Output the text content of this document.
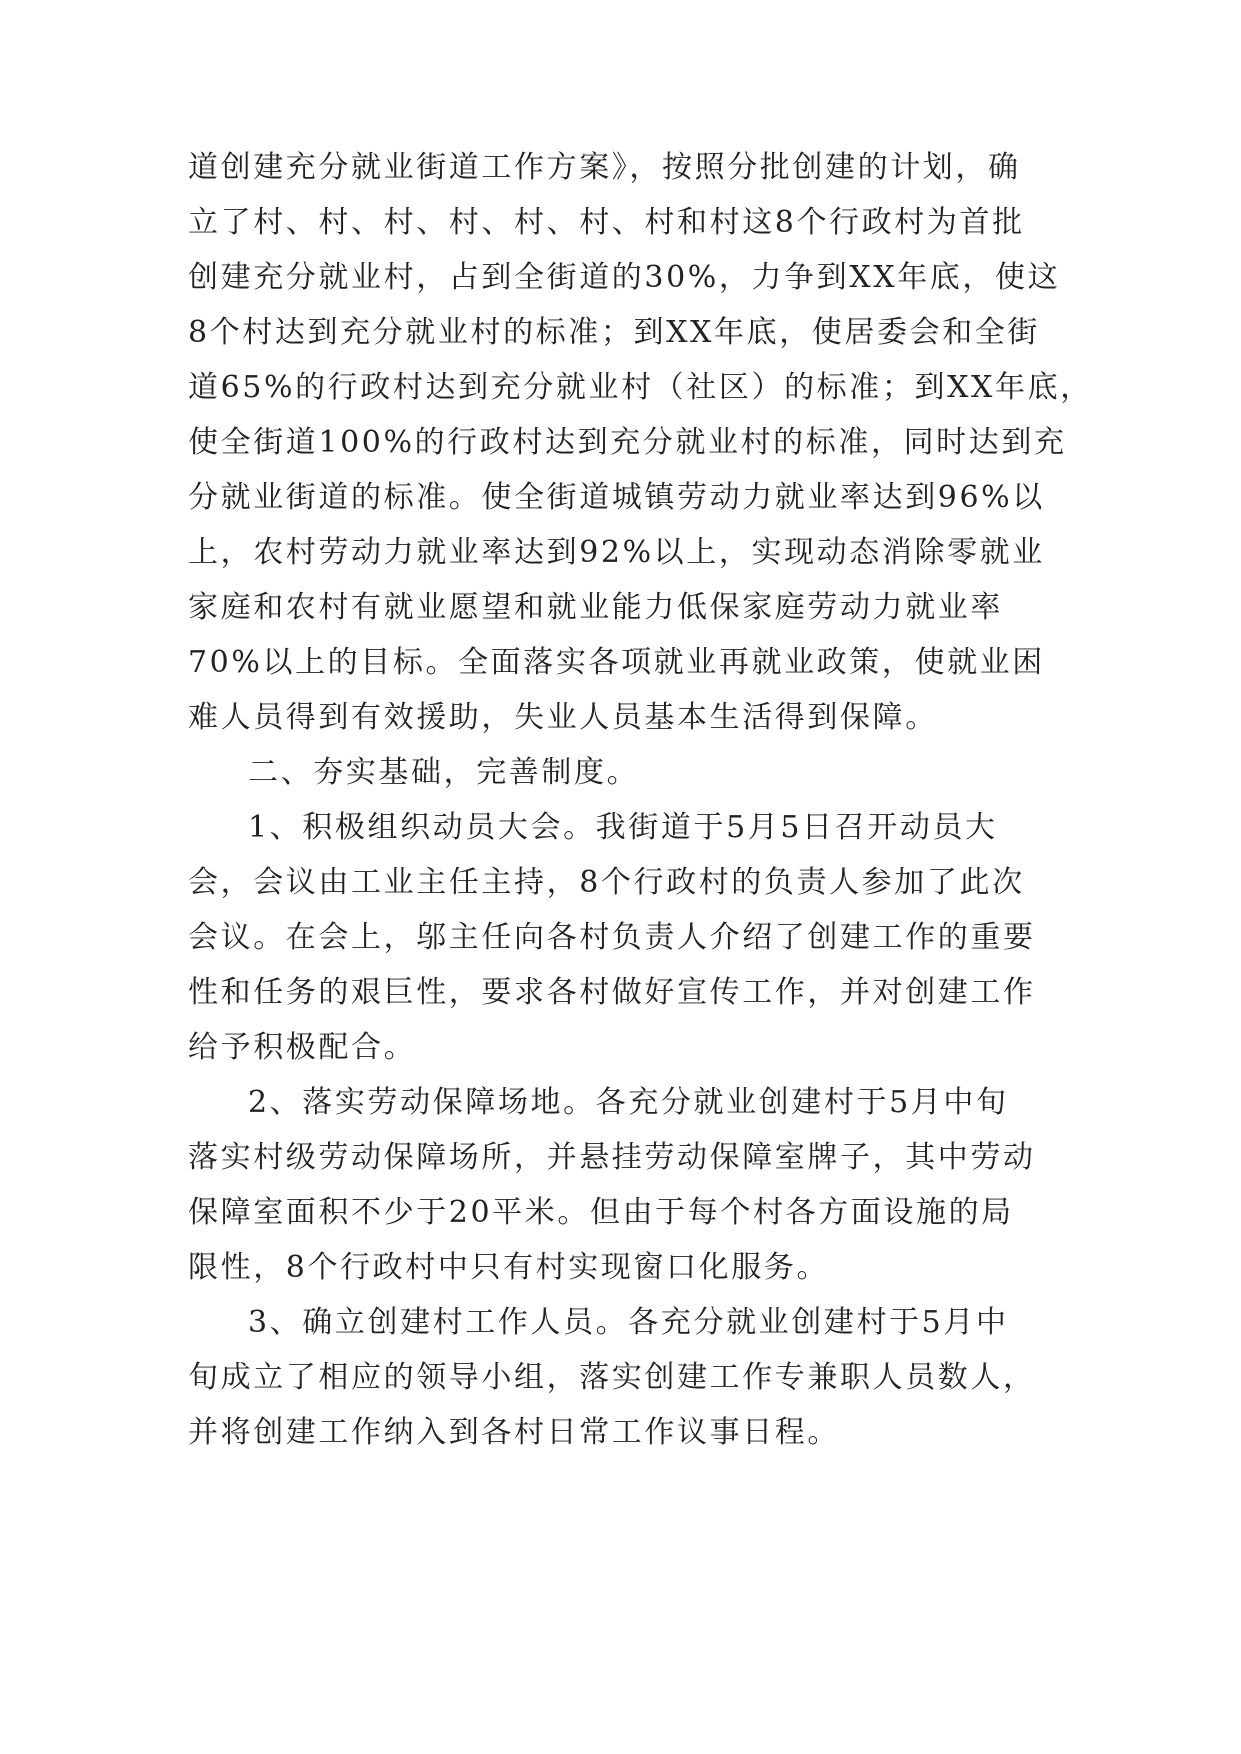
道创建充分就业街道工作方案》，按照分批创建的计划，确
立了村、村、村、村、村、村、村和村这8个行政村为首批
创建充分就业村，占到全街道的30%，力争到XX年底，使这
8个村达到充分就业村的标准；到XX年底，使居委会和全街
道65%的行政村达到充分就业村（社区）的标准；到XX年底，
使全街道100%的行政村达到充分就业村的标准，同时达到充
分就业街道的标准。使全街道城镇劳动力就业率达到96%以
上，农村劳动力就业率达到92%以上，实现动态消除零就业
家庭和农村有就业愿望和就业能力低保家庭劳动力就业率
70%以上的目标。全面落实各项就业再就业政策，使就业困
难人员得到有效援助，失业人员基本生活得到保障。
二、夯实基础，完善制度。
1、积极组织动员大会。我街道于5月5日召开动员大
会，会议由工业主任主持，8个行政村的负责人参加了此次
会议。在会上，邬主任向各村负责人介绍了创建工作的重要
性和任务的艰巨性，要求各村做好宣传工作，并对创建工作
给予积极配合。
2、落实劳动保障场地。各充分就业创建村于5月中旬
落实村级劳动保障场所，并悬挂劳动保障室牌子，其中劳动
保障室面积不少于20平米。但由于每个村各方面设施的局
限性，8个行政村中只有村实现窗口化服务。
3、确立创建村工作人员。各充分就业创建村于5月中
旬成立了相应的领导小组，落实创建工作专兼职人员数人，
并将创建工作纳入到各村日常工作议事日程。
